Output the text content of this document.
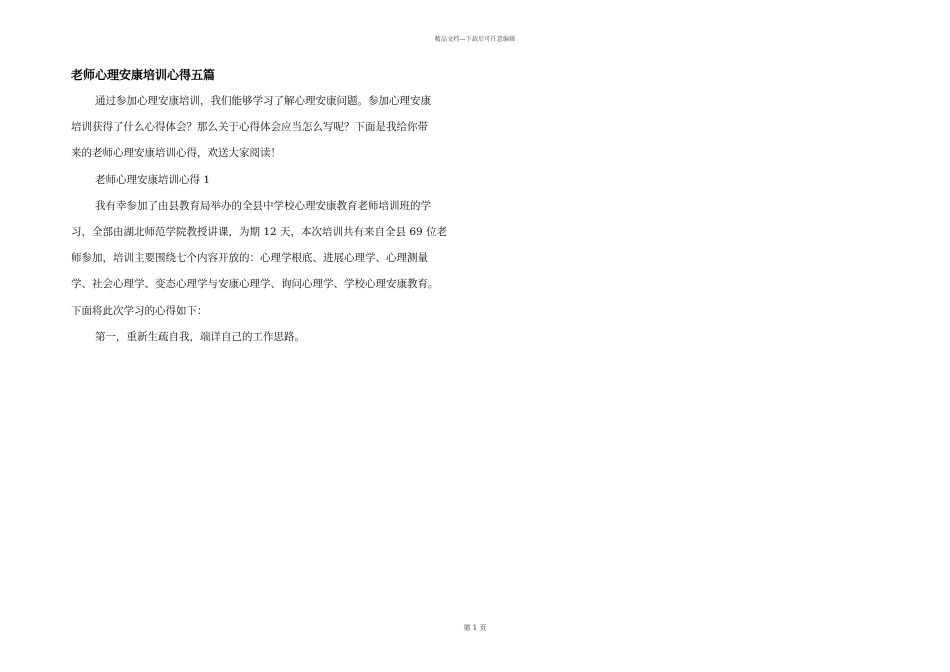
精品文档—下载后可任意编辑
老师心理安康培训心得五篇

通过参加心理安康培训，我们能够学习了解心理安康问题。参加心理安康

培训获得了什么心得体会？那么关于心得体会应当怎么写呢？下面是我给你带

来的老师心理安康培训心得，欢送大家阅读！

老师心理安康培训心得 1

我有幸参加了由县教育局举办的全县中学校心理安康教育老师培训班的学

习，全部由湖北师范学院教授讲课，为期 12 天，本次培训共有来自全县 69 位老

师参加，培训主要围绕七个内容开放的：心理学根底、进展心理学、心理测量

学、社会心理学、变态心理学与安康心理学、询问心理学、学校心理安康教育。

下面将此次学习的心得如下：

第一，重新生疏自我，端详自己的工作思路。

第 1 页
